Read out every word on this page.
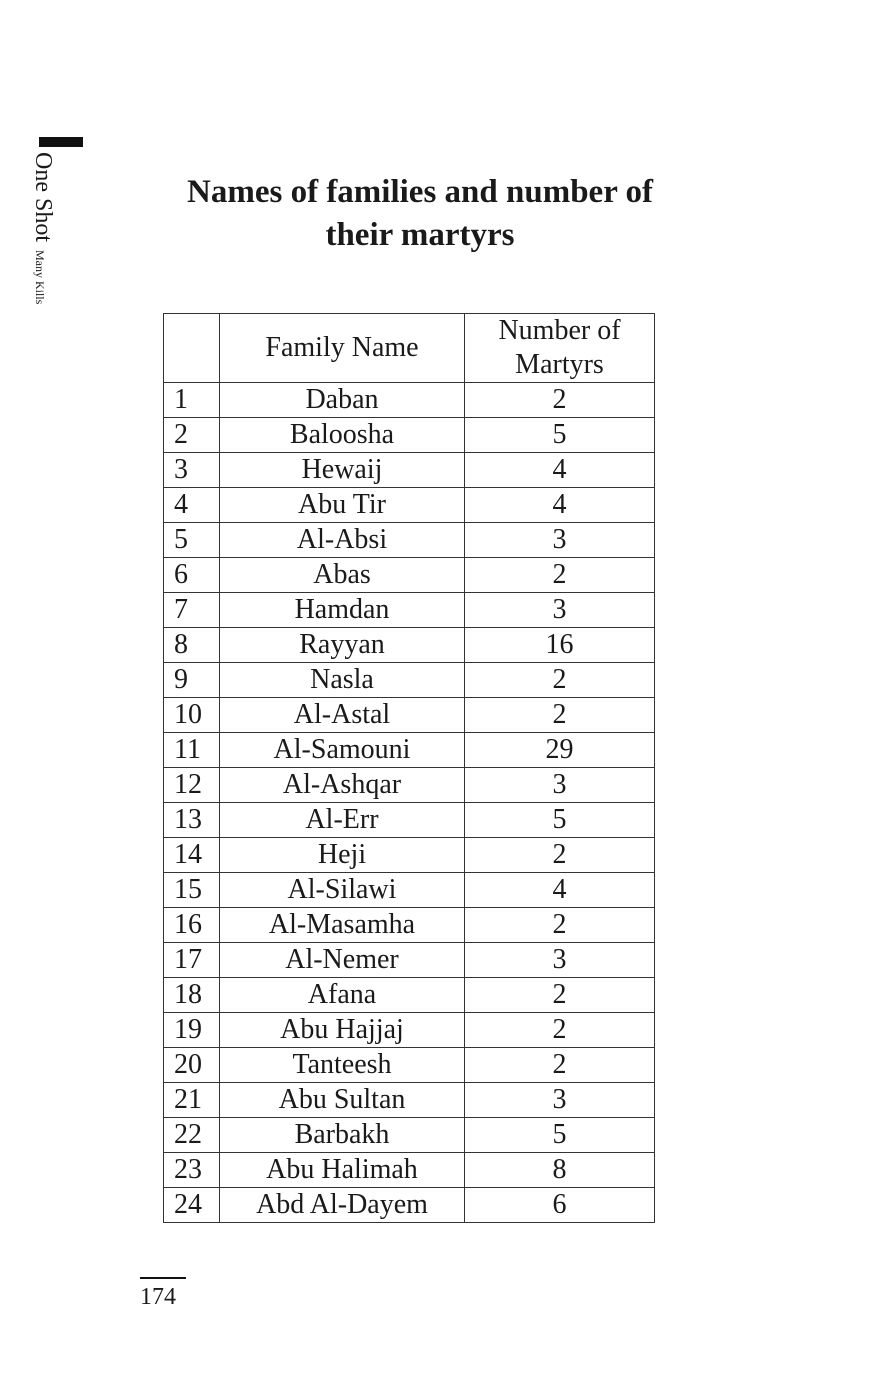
One Shot
Many Kills
Names of families and number of
their martyrs
	Family Name	Number of
Martyrs
1	Daban	2
2	Baloosha	5
3	Hewaij	4
4	Abu Tir	4
5	Al-Absi	3
6	Abas	2
7	Hamdan	3
8	Rayyan	16
9	Nasla	2
10	Al-Astal	2
11	Al-Samouni	29
12	Al-Ashqar	3
13	Al-Err	5
14	Heji	2
15	Al-Silawi	4
16	Al-Masamha	2
17	Al-Nemer	3
18	Afana	2
19	Abu Hajjaj	2
20	Tanteesh	2
21	Abu Sultan	3
22	Barbakh	5
23	Abu Halimah	8
24	Abd Al-Dayem	6
174
